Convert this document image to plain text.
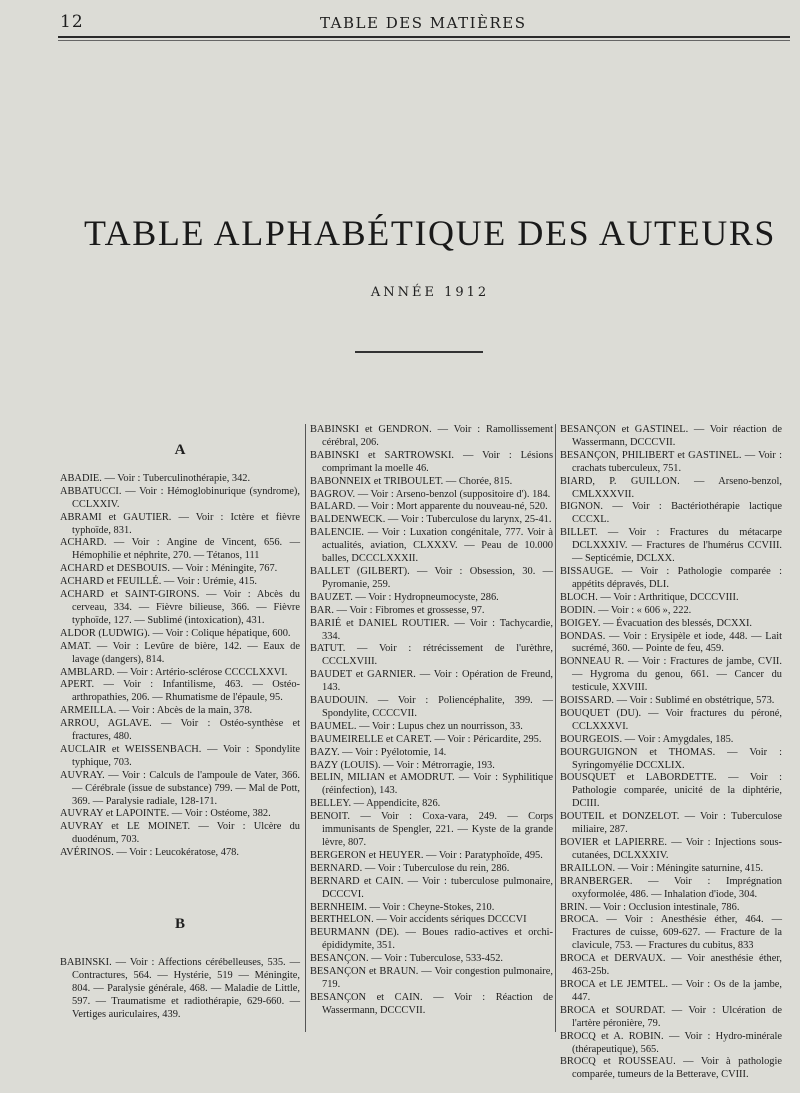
12	TABLE DES MATIÈRES
TABLE ALPHABÉTIQUE DES AUTEURS
ANNÉE 1912
A

ABADIE. — Voir : Tuberculinothérapie, 342.

ABBATUCCI. — Voir : Hémoglobinurique (syndrome), CCLXXIV.

ABRAMI et GAUTIER. — Voir : Ictère et fièvre typhoïde, 831.

ACHARD. — Voir : Angine de Vincent, 656. — Hémophilie et néphrite, 270. — Tétanos, 111

ACHARD et DESBOUIS. — Voir : Méningite, 767.

ACHARD et FEUILLÉ. — Voir : Urémie, 415.

ACHARD et SAINT-GIRONS. — Voir : Abcès du cerveau, 334. — Fièvre bilieuse, 366. — Fièvre typhoïde, 127. — Sublimé (intoxication), 431.

ALDOR (LUDWIG). — Voir : Colique hépatique, 600.

AMAT. — Voir : Levûre de bière, 142. — Eaux de lavage (dangers), 814.

AMBLARD. — Voir : Artério-sclérose CCCCLXXVI.

APERT. — Voir : Infantilisme, 463. — Ostéo-arthropathies, 206. — Rhumatisme de l'épaule, 95.

ARMEILLA. — Voir : Abcès de la main, 378.

ARROU, AGLAVE. — Voir : Ostéo-synthèse et fractures, 480.

AUCLAIR et WEISSENBACH. — Voir : Spondylite typhique, 703.

AUVRAY. — Voir : Calculs de l'ampoule de Vater, 366. — Cérébrale (issue de substance) 799. — Mal de Pott, 369. — Paralysie radiale, 128-171.

AUVRAY et LAPOINTE. — Voir : Ostéome, 382.

AUVRAY et LE MOINET. — Voir : Ulcère du duodénum, 703.

AVÉRINOS. — Voir : Leucokératose, 478.

B

BABINSKI. — Voir : Affections cérébelleuses, 535. — Contractures, 564. — Hystérie, 519 — Méningite, 804. — Paralysie générale, 468. — Maladie de Little, 597. — Traumatisme et radiothérapie, 629-660. — Vertiges auriculaires, 439.

BABINSKI et GENDRON. — Voir : Ramollissement cérébral, 206.

BABINSKI et SARTROWSKI. — Voir : Lésions comprimant la moelle 46.

BABONNEIX et TRIBOULET. — Chorée, 815.

BAGROV. — Voir : Arseno-benzol (suppositoire d'). 184.

BALARD. — Voir : Mort apparente du nouveau-né, 520.

BALDENWECK. — Voir : Tuberculose du larynx, 25-41.

BALENCIE. — Voir : Luxation congénitale, 777. Voir à actualités, aviation, CLXXXV. — Peau de 10.000 balles, DCCCLXXXII.

BALLET (GILBERT). — Voir : Obsession, 30. — Pyromanie, 259.

BAUZET. — Voir : Hydropneumocyste, 286.

BAR. — Voir : Fibromes et grossesse, 97.

BARIÉ et DANIEL ROUTIER. — Voir : Tachycardie, 334.

BATUT. — Voir : rétrécissement de l'urèthre, CCCLXVIII.

BAUDET et GARNIER. — Voir : Opération de Freund, 143.

BAUDOUIN. — Voir : Poliencéphalite, 399. — Spondylite, CCCCVII.

BAUMEL. — Voir : Lupus chez un nourrisson, 33.

BAUMEIRELLE et CARET. — Voir : Péricardite, 295.

BAZY. — Voir : Pyélotomie, 14.

BAZY (LOUIS). — Voir : Métrorragie, 193.

BELIN, MILIAN et AMODRUT. — Voir : Syphilitique (réinfection), 143.

BELLEY. — Appendicite, 826.

BENOIT. — Voir : Coxa-vara, 249. — Corps immunisants de Spengler, 221. — Kyste de la grande lèvre, 807.

BERGERON et HEUYER. — Voir : Paratyphoïde, 495.

BERNARD. — Voir : Tuberculose du rein, 286.

BERNARD et CAIN. — Voir : tuberculose pulmonaire, DCCCVI.

BERNHEIM. — Voir : Cheyne-Stokes, 210.

BERTHELON. — Voir accidents sériques DCCCVI

BEURMANN (DE). — Boues radio-actives et orchi-épididymite, 351.

BESANÇON. — Voir : Tuberculose, 533-452.

BESANÇON et BRAUN. — Voir congestion pulmonaire, 719.

BESANÇON et CAIN. — Voir : Réaction de Wassermann, DCCCVII.

BESANÇON et GASTINEL. — Voir réaction de Wassermann, DCCCVII.

BESANÇON, PHILIBERT et GASTINEL. — Voir : crachats tuberculeux, 751.

BIARD, P. GUILLON. — Arseno-benzol, CMLXXXVII.

BIGNON. — Voir : Bactériothérapie lactique CCCXL.

BILLET. — Voir : Fractures du métacarpe DCLXXXIV. — Fractures de l'humérus CCVIII. — Septicémie, DCLXX.

BISSAUGE. — Voir : Pathologie comparée : appétits dépravés, DLI.

BLOCH. — Voir : Arthritique, DCCCVIII.

BODIN. — Voir : « 606 », 222.

BOIGEY. — Évacuation des blessés, DCXXI.

BONDAS. — Voir : Erysipèle et iode, 448. — Lait sucrémé, 360. — Pointe de feu, 459.

BONNEAU R. — Voir : Fractures de jambe, CVII. — Hygroma du genou, 661. — Cancer du testicule, XXVIII.

BOISSARD. — Voir : Sublimé en obstétrique, 573.

BOUQUET (DU). — Voir fractures du péroné, CCLXXXVI.

BOURGEOIS. — Voir : Amygdales, 185.

BOURGUIGNON et THOMAS. — Voir : Syringomyélie DCCXLIX.

BOUSQUET et LABORDETTE. — Voir : Pathologie comparée, unicité de la diphtérie, DCIII.

BOUTEIL et DONZELOT. — Voir : Tuberculose miliaire, 287.

BOVIER et LAPIERRE. — Voir : Injections sous-cutanées, DCLXXXIV.

BRAILLON. — Voir : Méningite saturnine, 415.

BRANBERGER. — Voir : Imprégnation oxyformolée, 486. — Inhalation d'iode, 304.

BRIN. — Voir : Occlusion intestinale, 786.

BROCA. — Voir : Anesthésie éther, 464. — Fractures de cuisse, 609-627. — Fracture de la clavicule, 753. — Fractures du cubitus, 833

BROCA et DERVAUX. — Voir anesthésie éther, 463-25b.

BROCA et LE JEMTEL. — Voir : Os de la jambe, 447.

BROCA et SOURDAT. — Voir : Ulcération de l'artère péronière, 79.

BROCQ et A. ROBIN. — Voir : Hydro-minérale (thérapeutique), 565.

BROCQ et ROUSSEAU. — Voir à pathologie comparée, tumeurs de la Betterave, CVIII.
